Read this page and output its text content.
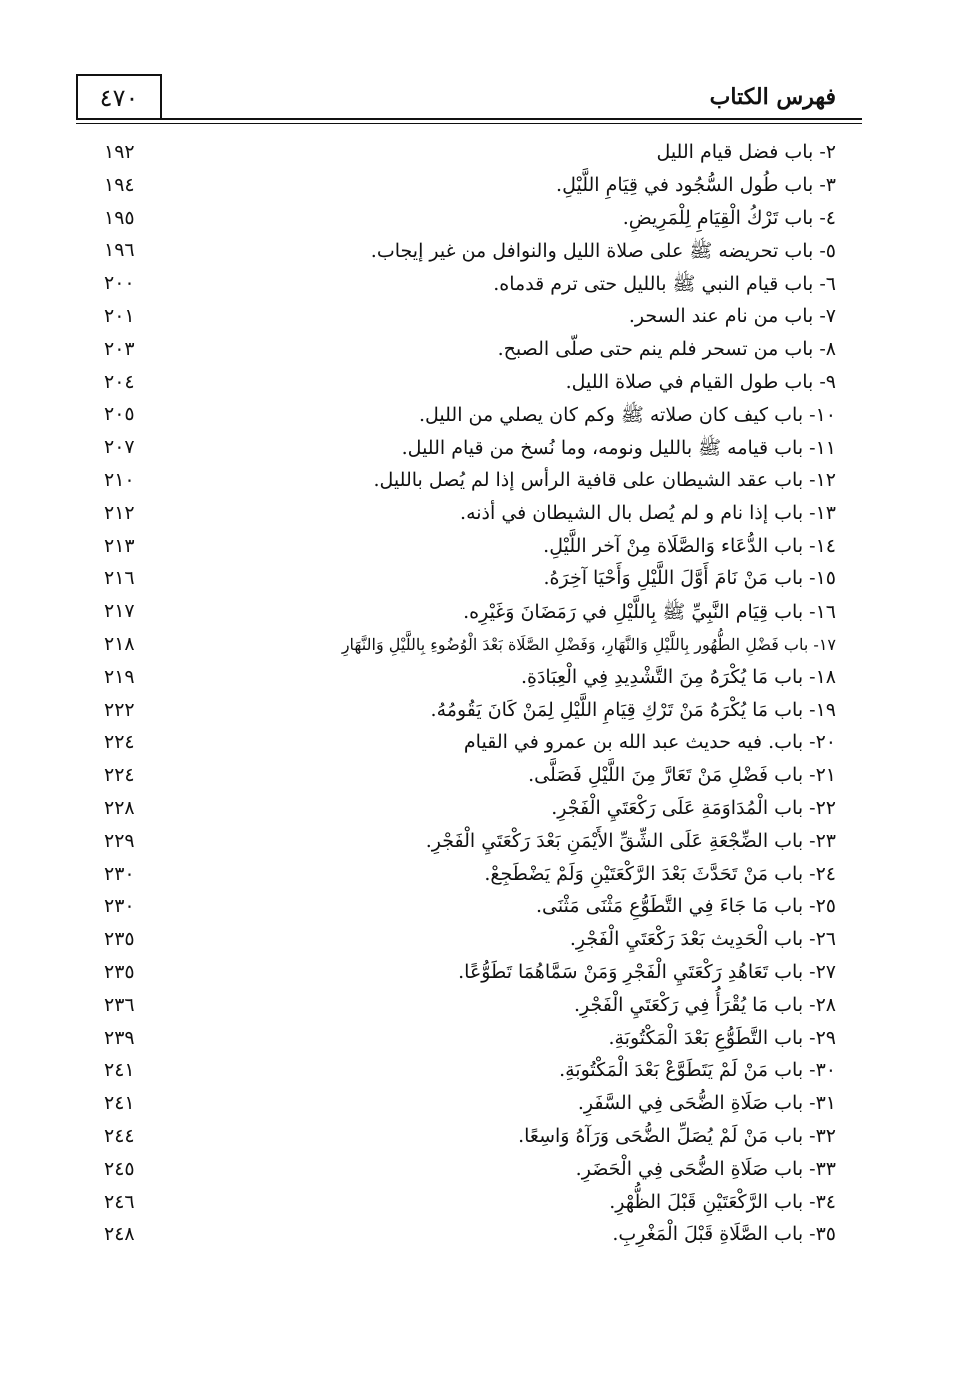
٤٧٠	فهرس الكتاب
٢- باب فضل قيام الليل
١٩٢
٣- باب طُول السُّجُود في قِيَامِ اللَّيْلِ.
١٩٤
٤- باب تَرْكُ الْقِيَامِ لِلْمَرِيضِ.
١٩٥
٥- باب تحريضه ﷺ على صلاة الليل والنوافل من غير إيجاب.
١٩٦
٦- باب قيام النبي ﷺ بالليل حتى ترم قدماه.
٢٠٠
٧- باب من نام عند السحر.
٢٠١
٨- باب من تسحر فلم ينم حتى صلّى الصبح.
٢٠٣
٩- باب طول القيام في صلاة الليل.
٢٠٤
١٠- باب كيف كان صلاته ﷺ وكم كان يصلي من الليل.
٢٠٥
١١- باب قيامه ﷺ بالليل ونومه، وما نُسخ من قيام الليل.
٢٠٧
١٢- باب عقد الشيطان على قافية الرأس إذا لم يُصل بالليل.
٢١٠
١٣- باب إذا نام و لم يُصل بال الشيطان في أذنه.
٢١٢
١٤- باب الدُّعَاء وَالصَّلَاة مِنْ آخر اللَّيْلِ.
٢١٣
١٥- باب مَنْ نَامَ أَوَّلَ اللَّيْلِ وَأَحْيَا آخِرَهُ.
٢١٦
١٦- باب قِيَام النَّبِيِّ ﷺ بِاللَّيْلِ في رَمَضَانَ وَغَيْرِه.
٢١٧
١٧- باب فَضْلِ الطُّهُور بِاللَّيْلِ وَالنَّهَارِ، وَفَضْلِ الصَّلَاة بَعْدَ الْوُضُوءِ بِاللَّيْلِ وَالنَّهَارِ
٢١٨
١٨- باب مَا يُكْرَهُ مِنَ التَّشْدِيدِ فِي الْعِبَادَةِ.
٢١٩
١٩- باب مَا يُكْرَهُ مَنْ تَرْكِ قِيَامِ اللَّيْلِ لِمَنْ كَانَ يَقُومُهُ.
٢٢٢
٢٠- باب. فيه حديث عبد الله بن عمرو في القيام
٢٢٤
٢١- باب فَضْلِ مَنْ تَعَارَّ مِنَ اللَّيْلِ فَصَلَّى.
٢٢٤
٢٢- باب الْمُدَاوَمَةِ عَلَى رَكْعَتَيِ الْفَجْرِ.
٢٢٨
٢٣- باب الضِّجْعَةِ عَلَى الشِّقِّ الأَيْمَنِ بَعْدَ رَكْعَتَيِ الْفَجْرِ.
٢٢٩
٢٤- باب مَنْ تَحَدَّثَ بَعْدَ الرَّكْعَتَيْنِ وَلَمْ يَضْطَجِعْ.
٢٣٠
٢٥- باب مَا جَاءَ فِي التَّطَوُّعِ مَثْنَى مَثْنَى.
٢٣٠
٢٦- باب الْحَدِيث بَعْدَ رَكْعَتَيِ الْفَجْرِ.
٢٣٥
٢٧- باب تَعَاهُدِ رَكْعَتَيِ الْفَجْرِ وَمَنْ سَمَّاهُمَا تَطَوُّعًا.
٢٣٥
٢٨- باب مَا يُقْرَأُ فِي رَكْعَتَيِ الْفَجْرِ.
٢٣٦
٢٩- باب التَّطَوُّعِ بَعْدَ الْمَكْتُوبَةِ.
٢٣٩
٣٠- باب مَنْ لَمْ يَتَطَوَّعْ بَعْدَ الْمَكْتُوبَةِ.
٢٤١
٣١- باب صَلَاةِ الضُّحَى فِي السَّفَرِ.
٢٤١
٣٢- باب مَنْ لَمْ يُصَلِّ الضُّحَى وَرَآهُ وَاسِعًا.
٢٤٤
٣٣- باب صَلَاةِ الضُّحَى فِي الْحَضَرِ.
٢٤٥
٣٤- باب الرَّكْعَتَيْنِ قَبْلَ الظُّهْرِ.
٢٤٦
٣٥- باب الصَّلَاةِ قَبْلَ الْمَغْرِبِ.
٢٤٨
